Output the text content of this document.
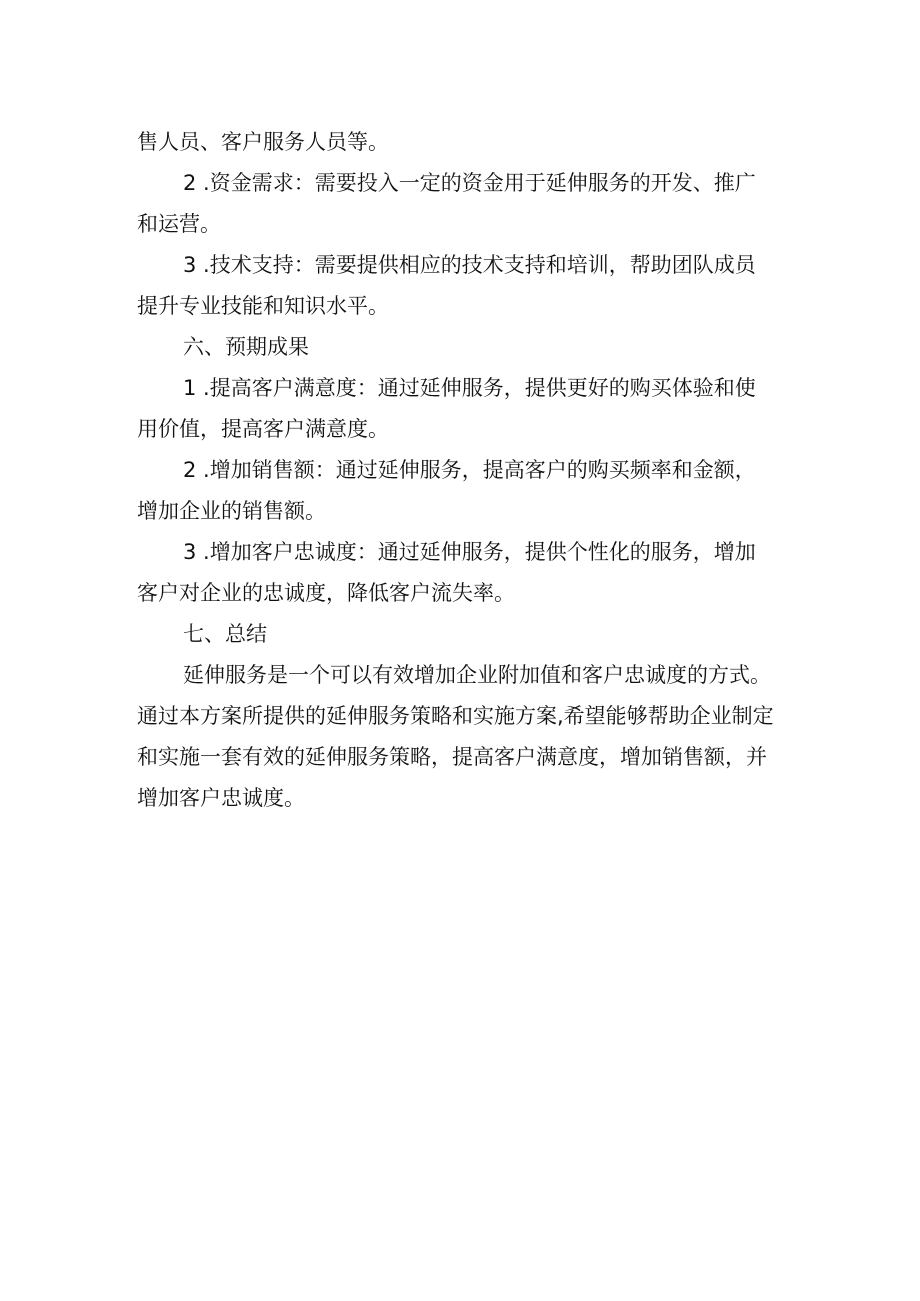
售人员、客户服务人员等。

2 .资金需求：需要投入一定的资金用于延伸服务的开发、推广
和运营。

3 .技术支持：需要提供相应的技术支持和培训，帮助团队成员
提升专业技能和知识水平。

六、预期成果

1 .提高客户满意度：通过延伸服务，提供更好的购买体验和使
用价值，提高客户满意度。

2 .增加销售额：通过延伸服务，提高客户的购买频率和金额，
增加企业的销售额。

3 .增加客户忠诚度：通过延伸服务，提供个性化的服务，增加
客户对企业的忠诚度，降低客户流失率。

七、总结

延伸服务是一个可以有效增加企业附加值和客户忠诚度的方式。
通过本方案所提供的延伸服务策略和实施方案,希望能够帮助企业制定
和实施一套有效的延伸服务策略，提高客户满意度，增加销售额，并
增加客户忠诚度。
